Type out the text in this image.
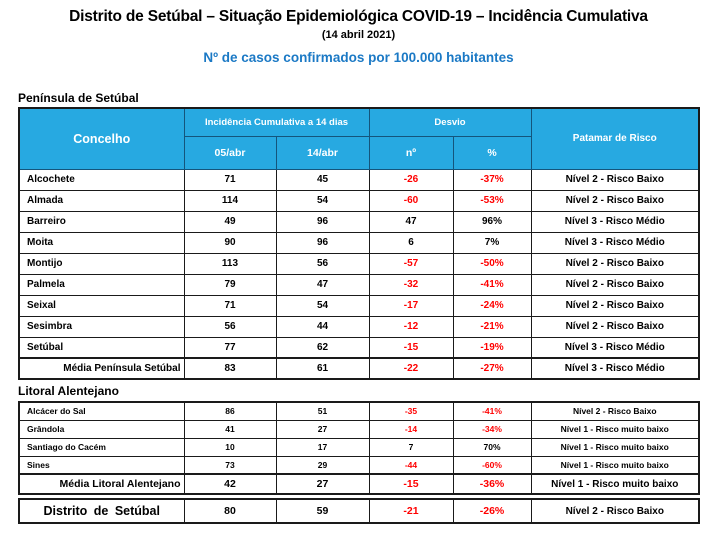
Distrito de Setúbal – Situação Epidemiológica COVID-19 – Incidência Cumulativa
(14 abril 2021)
Nº de casos confirmados por 100.000 habitantes
Península de Setúbal
Concelho	Incidência Cumulativa a 14 dias		Desvio		Patamar de Risco
	05/abr	14/abr	nº	%	
Alcochete	71	45	-26	-37%	Nível 2 - Risco Baixo
Almada	114	54	-60	-53%	Nível 2 - Risco Baixo
Barreiro	49	96	47	96%	Nível 3 - Risco Médio
Moita	90	96	6	7%	Nível 3 - Risco Médio
Montijo	113	56	-57	-50%	Nível 2 - Risco Baixo
Palmela	79	47	-32	-41%	Nível 2 - Risco Baixo
Seixal	71	54	-17	-24%	Nível 2 - Risco Baixo
Sesimbra	56	44	-12	-21%	Nível 2 - Risco Baixo
Setúbal	77	62	-15	-19%	Nível 3 - Risco Médio
Média Península Setúbal	83	61	-22	-27%	Nível 3 - Risco Médio
Litoral Alentejano
Alcácer do Sal	86	51	-35	-41%	Nível 2 - Risco Baixo
Grândola	41	27	-14	-34%	Nível 1 - Risco muito baixo
Santiago do Cacém	10	17	7	70%	Nível 1 - Risco muito baixo
Sines	73	29	-44	-60%	Nível 1 - Risco muito baixo
Média Litoral Alentejano	42	27	-15	-36%	Nível 1 - Risco muito baixo
Distrito de Setúbal	80	59	-21	-26%	Nível 2 - Risco Baixo
